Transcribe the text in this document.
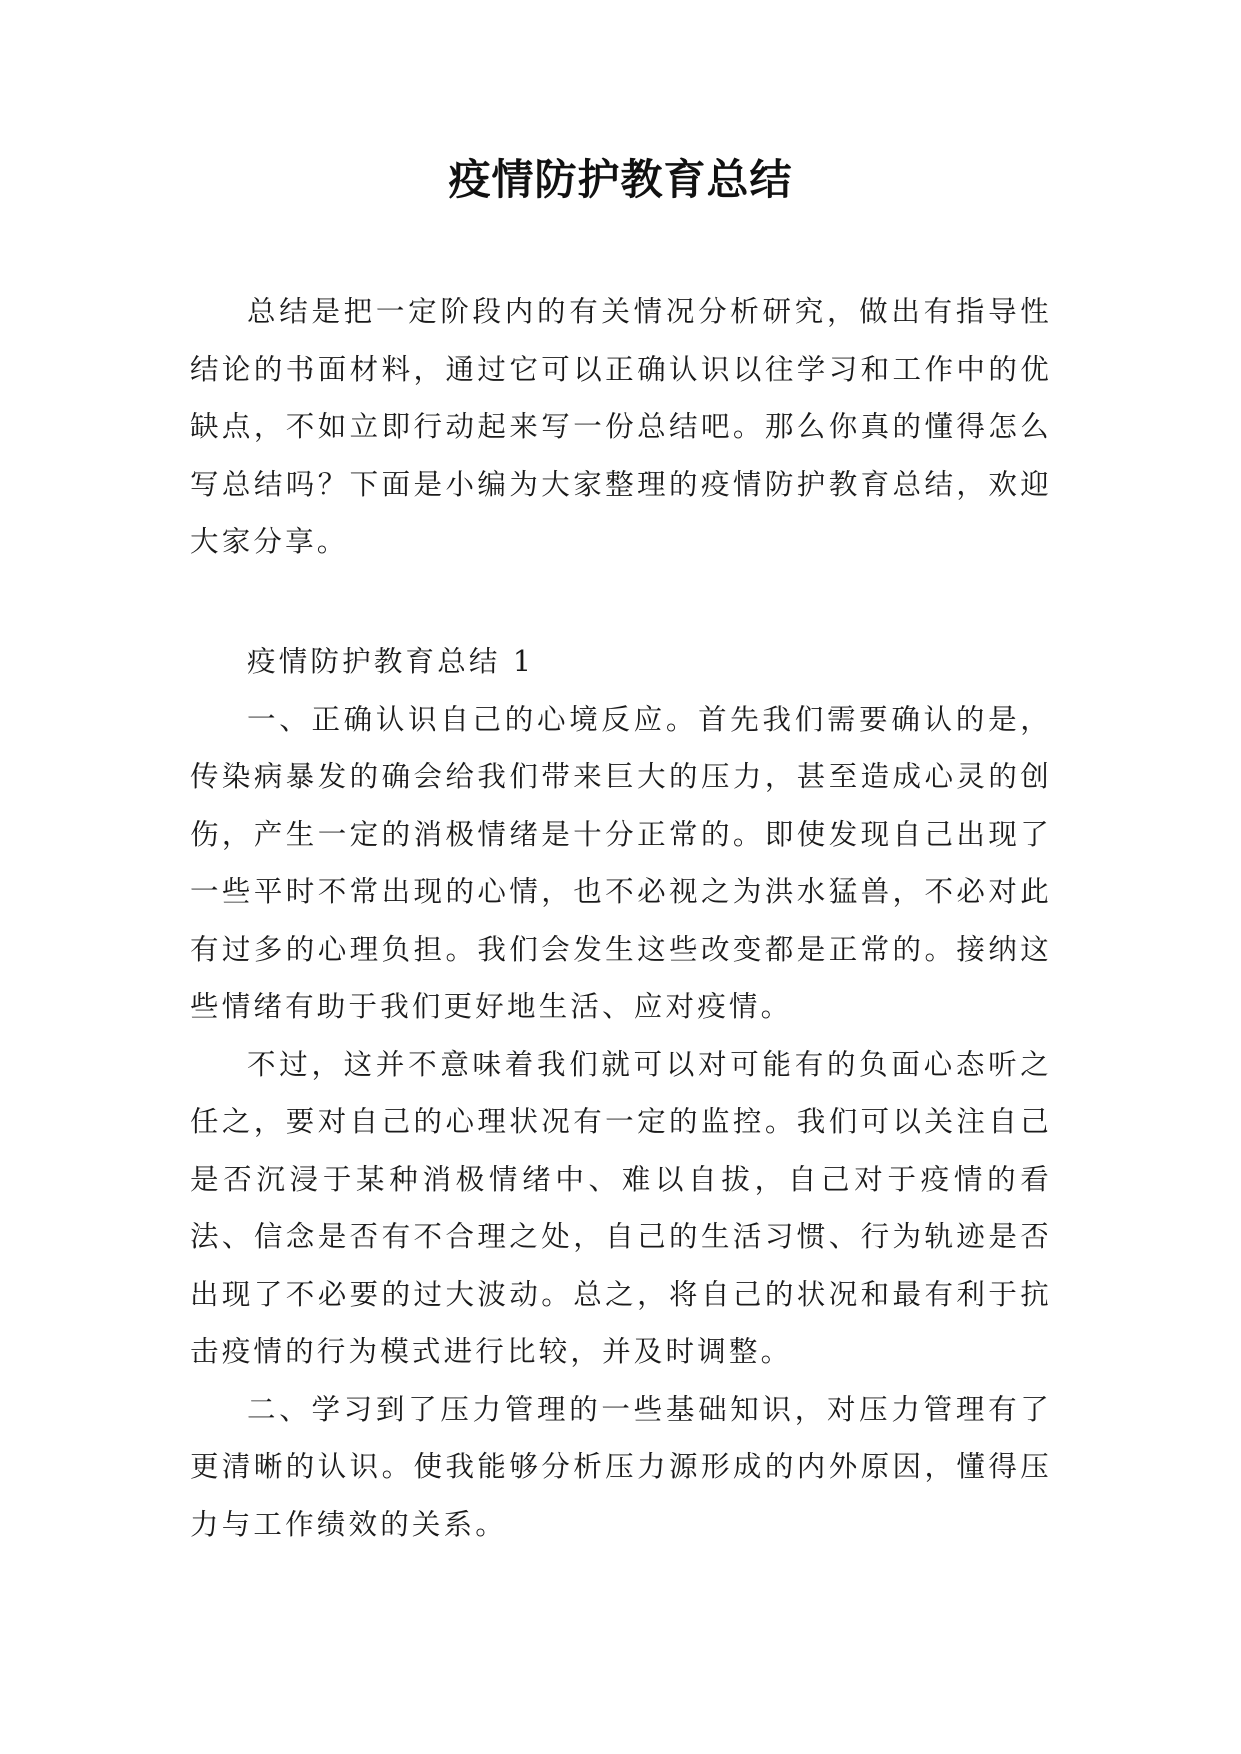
疫情防护教育总结

总结是把一定阶段内的有关情况分析研究，做出有指导性结论的书面材料，通过它可以正确认识以往学习和工作中的优缺点，不如立即行动起来写一份总结吧。那么你真的懂得怎么写总结吗？下面是小编为大家整理的疫情防护教育总结，欢迎大家分享。

疫情防护教育总结 1

一、正确认识自己的心境反应。首先我们需要确认的是，传染病暴发的确会给我们带来巨大的压力，甚至造成心灵的创伤，产生一定的消极情绪是十分正常的。即使发现自己出现了一些平时不常出现的心情，也不必视之为洪水猛兽，不必对此有过多的心理负担。我们会发生这些改变都是正常的。接纳这些情绪有助于我们更好地生活、应对疫情。

不过，这并不意味着我们就可以对可能有的负面心态听之任之，要对自己的心理状况有一定的监控。我们可以关注自己是否沉浸于某种消极情绪中、难以自拔，自己对于疫情的看法、信念是否有不合理之处，自己的生活习惯、行为轨迹是否出现了不必要的过大波动。总之，将自己的状况和最有利于抗击疫情的行为模式进行比较，并及时调整。

二、学习到了压力管理的一些基础知识，对压力管理有了更清晰的认识。使我能够分析压力源形成的内外原因，懂得压力与工作绩效的关系。
